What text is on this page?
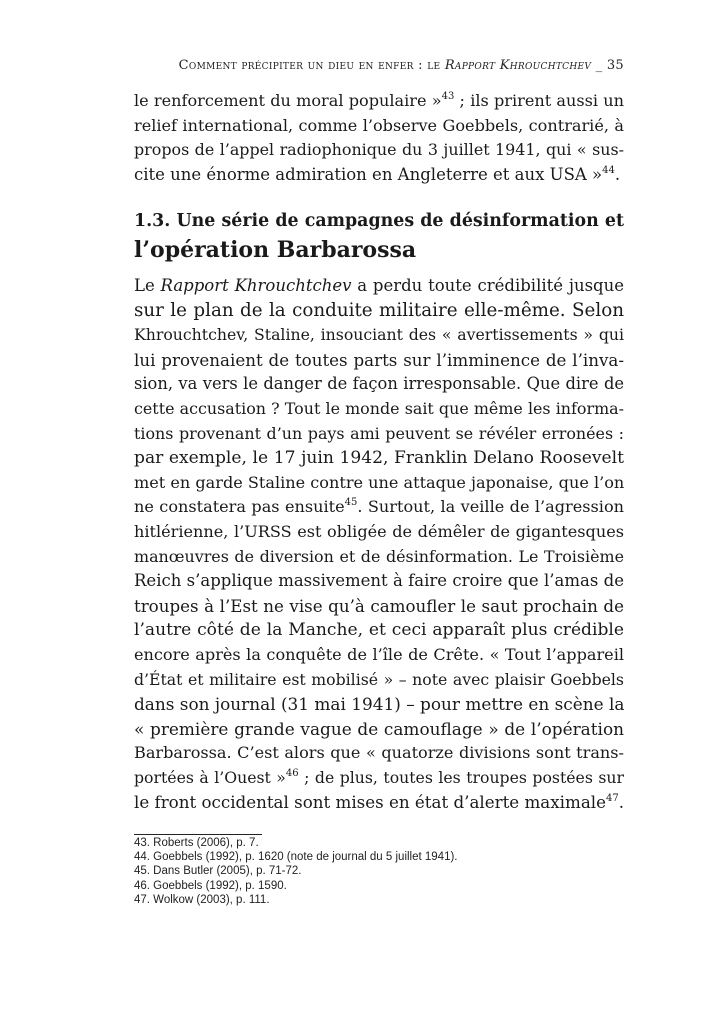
Comment précipiter un dieu en enfer : le Rapport Khrouchtchev _ 35
le renforcement du moral populaire »$^{43}$ ; ils prirent aussi un
relief international, comme l’observe Goebbels, contrarié, à
propos de l’appel radiophonique du 3 juillet 1941, qui « sus-
cite une énorme admiration en Angleterre et aux USA »$^{44}$.
1.3. Une série de campagnes de désinformation et
l’opération Barbarossa
Le Rapport Khrouchtchev a perdu toute crédibilité jusque
sur le plan de la conduite militaire elle-même. Selon
Khrouchtchev, Staline, insouciant des « avertissements » qui
lui provenaient de toutes parts sur l’imminence de l’inva-
sion, va vers le danger de façon irresponsable. Que dire de
cette accusation ? Tout le monde sait que même les informa-
tions provenant d’un pays ami peuvent se révéler erronées :
par exemple, le 17 juin 1942, Franklin Delano Roosevelt
met en garde Staline contre une attaque japonaise, que l’on
ne constatera pas ensuite$^{45}$. Surtout, la veille de l’agression
hitlérienne, l’URSS est obligée de démêler de gigantesques
manœuvres de diversion et de désinformation. Le Troisième
Reich s’applique massivement à faire croire que l’amas de
troupes à l’Est ne vise qu’à camoufler le saut prochain de
l’autre côté de la Manche, et ceci apparaît plus crédible
encore après la conquête de l’île de Crête. « Tout l’appareil
d’État et militaire est mobilisé » – note avec plaisir Goebbels
dans son journal (31 mai 1941) – pour mettre en scène la
« première grande vague de camouflage » de l’opération
Barbarossa. C’est alors que « quatorze divisions sont trans-
portées à l’Ouest »$^{46}$ ; de plus, toutes les troupes postées sur
le front occidental sont mises en état d’alerte maximale$^{47}$.
43. Roberts (2006), p. 7.
44. Goebbels (1992), p. 1620 (note de journal du 5 juillet 1941).
45. Dans Butler (2005), p. 71-72.
46. Goebbels (1992), p. 1590.
47. Wolkow (2003), p. 111.
